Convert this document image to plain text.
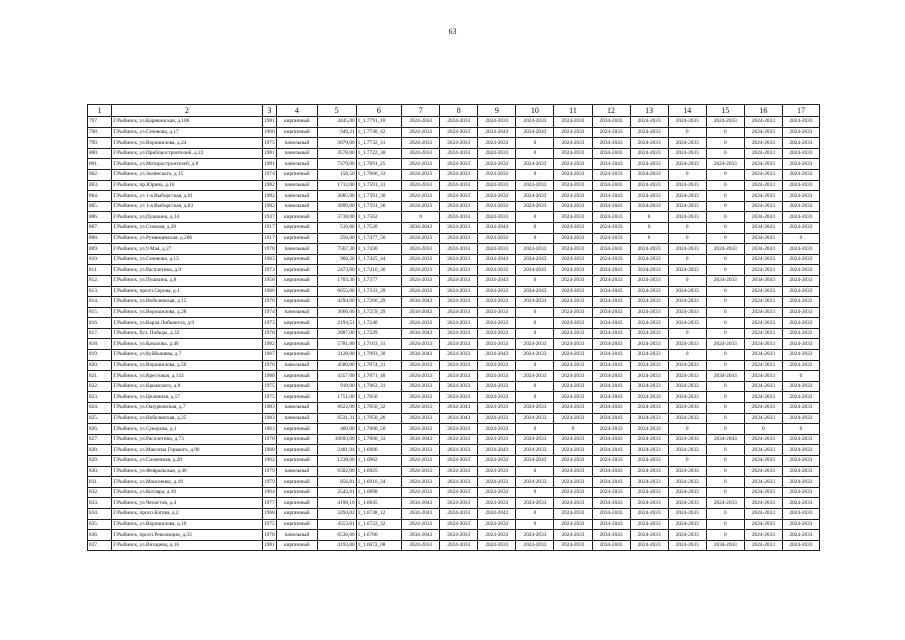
63
1	2	3	4	5	6	7	8	9	10	11	12	13	14	15	16	17
797.	Г.Рыбинск, ул.Карякинская, д.106	1981	кирпичный	4445,00	1_1.7791_10	2024-2033	2024-2033	2024-2033	2024-2033	2024-2033	2034-2043	2024-2033	2024-2033	2024-2033	2024-2033	2024-2033
798.	Г.Рыбинск, ул.Сечевова, д.17	1960	кирпичный	949,21	1_1.7740_42	2024-2033	2024-2033	2034-2043	2034-2043	2024-2033	2024-2033	2024-2033	0	0	2024-2033	2024-2033
799.	Г.Рыбинск, ул.Ворошилова, д.24	1975	панельный	3079,00	1_1.7732_31	2024-2033	2024-2033	2024-2033	0	2024-2033	2034-2043	2024-2033	2024-2033	0	2024-2033	2024-2033
800.	Г.Рыбинск, ул.Приборостроителей, д.22	1981	панельный	4578,00	1_1.7722_30	2024-2033	2024-2033	2024-2033	0	2024-2033	2034-2043	2024-2033	2024-2033	0	2024-2033	2024-2033
801.	Г.Рыбинск, ул.Моторостроителей, д.8	1981	панельный	7479,00	1_1.7691_25	2024-2033	2024-2033	2024-2033	2024-2033	2024-2033	2034-2043	2024-2033	2024-2033	2024-2033	2024-2033	2024-2033
802.	Г.Рыбинск, ул.Зелинского, д.15	1974	кирпичный	156,50	1_1.7666_33	2024-2033	2024-2033	2024-2033	0	2024-2033	2024-2033	2024-2033	0	0	2024-2033	2024-2033
803.	Г.Рыбинск, пр.Юрина, д.16	1982	панельный	1712,00	1_1.7591_31	2024-2033	2024-2033	2024-2033	2024-2033	2024-2033	2034-2043	2024-2033	2024-2033	0	2024-2033	2024-2033
804.	Г.Рыбинск, ул 1-я Выборгская, д.61	1982	панельный	3085,00	1_1.7591_30	2024-2033	2024-2033	2024-2033	2024-2033	2024-2033	2034-2043	2024-2033	2024-2033	0	2024-2033	2024-2033
805.	Г.Рыбинск, ул 1-я Выборгская, д.63	1982	панельный	3099,00	1_1.7591_36	2024-2033	2024-2033	2024-2033	2024-2033	2024-2033	2034-2043	2024-2033	2024-2033	0	2024-2033	2024-2033
806.	Г.Рыбинск, ул.Пушкина, д.34	1937	кирпичный	3738,00	1_1.7562	0	2024-2033	2024-2033	0	2024-2033	2024-2033	0	2024-2033	0	2034-2043	2024-2033
807.	Г.Рыбинск, ул.Стоялая, д.28	1917	кирпичный	516,00	1_1.7520	2034-2043	2024-2033	2034-2043	0	2024-2033	2024-2033	0	0	0	2034-2043	2024-2033
808.	Г.Рыбинск, ул.Румянцевская, д.206	1917	кирпичный	256,00	1_1.7477_56	2024-2033	2024-2033	2024-2033	0	2024-2033	2024-2033	0	0	0	2034-2043	0
809.	Г.Рыбинск, ул.9 Мая, д.27	1978	панельный	7567,30	1_1.7430	2024-2033	2024-2033	2024-2033	2024-2033	2024-2033	2034-2043	2024-2033	2024-2033	2024-2033	2034-2043	2024-2033
810.	Г.Рыбинск, ул.Сечевова, д.13	1963	кирпичный	960,20	1_1.7425_44	2024-2033	2024-2033	2034-2043	2034-2043	2024-2033	2024-2033	2024-2033	0	0	2024-2033	2024-2033
811.	Г.Рыбинск, ул.Расплетина, д.9	1973	кирпичный	2473,00	1_1.7416_36	2024-2033	2024-2033	2024-2033	2034-2043	2024-2033	2034-2043	2024-2033	2024-2033	0	2024-2033	2024-2033
812.	Г.Рыбинск, ул.Пушкина, д.8	1958	кирпичный	1703,30	1_1.7377	2024-2033	2024-2033	2034-2043	0	2024-2033	2024-2033	2024-2033	0	2024-2033	2034-2043	2024-2033
813.	Г.Рыбинск, просп.Серова, д.1	1966	кирпичный	6655,00	1_1.7333_39	2024-2033	2024-2033	2024-2033	2034-2043	2024-2033	2034-2043	2024-2033	2024-2033	0	2024-2033	2024-2033
814.	Г.Рыбинск, ул.Нобелевская, д.15	1976	кирпичный	4294,00	1_1.7266_29	2034-2043	2024-2033	2024-2033	2024-2033	2024-2033	2034-2043	2024-2033	2024-2033	0	2024-2033	2024-2033
815.	Г.Рыбинск, ул.Ворошилова, д.28	1974	панельный	3066,00	1_1.7259_29	2034-2043	2024-2033	2024-2033	0	2024-2033	2034-2043	2024-2033	2024-2033	0	2024-2033	2024-2033
816.	Г.Рыбинск, ул.Карла Либкнехта, д.9	1973	кирпичный	2194,51	1_1.7240	2024-2033	2024-2033	2024-2033	0	2024-2033	2034-2043	2024-2033	2024-2033	0	2024-2033	2024-2033
817.	Г.Рыбинск, бул. Победы, д.32	1978	кирпичный	2887,00	1_1.7229	2034-2043	2024-2033	2024-2033	0	2024-2033	2034-2043	2024-2033	0	0	2024-2033	2024-2033
818.	Г.Рыбинск, ул.Качалова, д.46	1982	кирпичный	5781,80	1_1.7163_31	2024-2033	2024-2033	2024-2033	2024-2033	2024-2033	2034-2043	2024-2033	2024-2033	2024-2033	2024-2033	2024-2033
819.	Г.Рыбинск, ул.Куйбышева, д.7	1967	кирпичный	3128,00	1_1.7093_30	2034-2043	2024-2033	2034-2043	2024-2033	2024-2033	2034-2043	2024-2033	0	0	2024-2033	2024-2033
820.	Г.Рыбинск, ул.Ворошилова, д.50	1976	панельный	4586,00	1_1.7074_31	2024-2033	2024-2033	2024-2033	0	2024-2033	2034-2043	2024-2033	2024-2033	0	2024-2033	2024-2033
821.	Г.Рыбинск, ул.Крестовая, д.133	1980	кирпичный	4357,00	1_1.7071_40	2024-2033	2024-2033	2024-2033	2024-2033	2024-2033	2034-2043	2024-2033	2024-2033	2034-2043	2024-2033	0
822.	Г.Рыбинск, ул.Крымского, д.8	1975	кирпичный	918,00	1_1.7063_31	2024-2033	2024-2033	2024-2033	0	2024-2033	2034-2043	2024-2033	2024-2033	0	2024-2033	2024-2033
823.	Г.Рыбинск, ул.Целинная, д.57	1975	кирпичный	1751,00	1_1.7056	2024-2033	2024-2033	2024-2033	0	2024-2033	2034-2043	2024-2033	2024-2033	0	2024-2033	2024-2033
824.	Г.Рыбинск, ул.Ошурковская, д.7	1983	панельный	6622,00	1_1.7050_32	2024-2033	2034-2043	2024-2033	2024-2033	2024-2033	2034-2043	2024-2033	2024-2033	0	2024-2033	2024-2033
825.	Г.Рыбинск, ул.Нобелевская, д.25	1983	панельный	6531,31	1_1.7050_26	2024-2033	2034-2043	2024-2033	2024-2033	2024-2033	2034-2043	2024-2033	2024-2033	0	2024-2033	2024-2033
826.	Г.Рыбинск, ул.Суворова, д.1	1963	кирпичный	460,00	1_1.7000_50	2024-2033	2024-2033	2024-2033	0	0	2024-2033	2024-2033	0	0	0	0
827.	Г.Рыбинск, ул.Расплетина, д.73	1978	кирпичный	10693,00	1_1.7000_33	2034-2043	2024-2033	2024-2033	2024-2033	2024-2033	2034-2043	2024-2033	2024-2033	2034-2043	2024-2033	2024-2033
828.	Г.Рыбинск, ул.Максима Горького, д.90	1968	кирпичный	2481,94	1_1.6986	2024-2033	2024-2033	2034-2043	2024-2033	2024-2033	2034-2043	2024-2033	2024-2033	0	2024-2033	2024-2033
829.	Г.Рыбинск, ул.Солнечная, д.20	1962	кирпичный	1238,00	1_1.6962	2024-2033	2024-2033	2024-2033	2034-2043	2024-2033	2024-2033	2024-2033	0	0	2024-2033	2024-2033
830.	Г.Рыбинск, ул.Февральская, д.46	1979	панельный	6582,00	1_1.6925	2024-2033	2024-2033	2024-2033	0	2024-2033	2034-2043	2024-2033	2024-2033	0	2024-2033	2024-2033
831.	Г.Рыбинск, ул.Моисеенко, д.18	1979	кирпичный	856,81	1_1.6916_34	2024-2033	2024-2033	2024-2033	2024-2033	2024-2033	2034-2043	2024-2033	2024-2033	0	2024-2033	2024-2033
832.	Г.Рыбинск, ул.Котляра, д.10	1964	кирпичный	2543,61	1_1.6898	2024-2033	2024-2033	2024-2033	0	2024-2033	2024-2033	2024-2033	2024-2033	0	2024-2033	2024-2033
833.	Г.Рыбинск, ул.Чехистов, д.4	1977	кирпичный	4198,10	1_1.6845	2034-2043	2024-2033	2024-2033	2024-2033	2024-2033	2034-2043	2024-2033	2024-2033	2024-2033	2024-2033	2024-2033
834.	Г.Рыбинск, просп.Батова, д.2	1968	кирпичный	3294,02	1_1.6748_12	2034-2043	2024-2033	2034-2043	0	2024-2033	2034-2043	2024-2033	2024-2033	0	2024-2033	2024-2033
835.	Г.Рыбинск, ул.Ворошилова, д.10	1975	кирпичный	4553,61	1_1.6722_32	2024-2033	2024-2033	2024-2033	0	2024-2033	2034-2043	2024-2033	2024-2033	0	2024-2033	2024-2033
836.	Г.Рыбинск, просп.Революции, д.33	1978	панельный	6536,00	1_1.6700	2034-2043	2024-2033	2024-2033	2024-2033	2024-2033	2034-2043	2024-2033	2024-2033	0	2024-2033	2024-2033
837.	Г.Рыбинск, ул.Вихарева, д.16	1981	кирпичный	4193,00	1_1.6672_08	2024-2033	2024-2033	2024-2033	2024-2033	2024-2033	2034-2043	2024-2033	2024-2033	2034-2043	2024-2033	2024-2033
